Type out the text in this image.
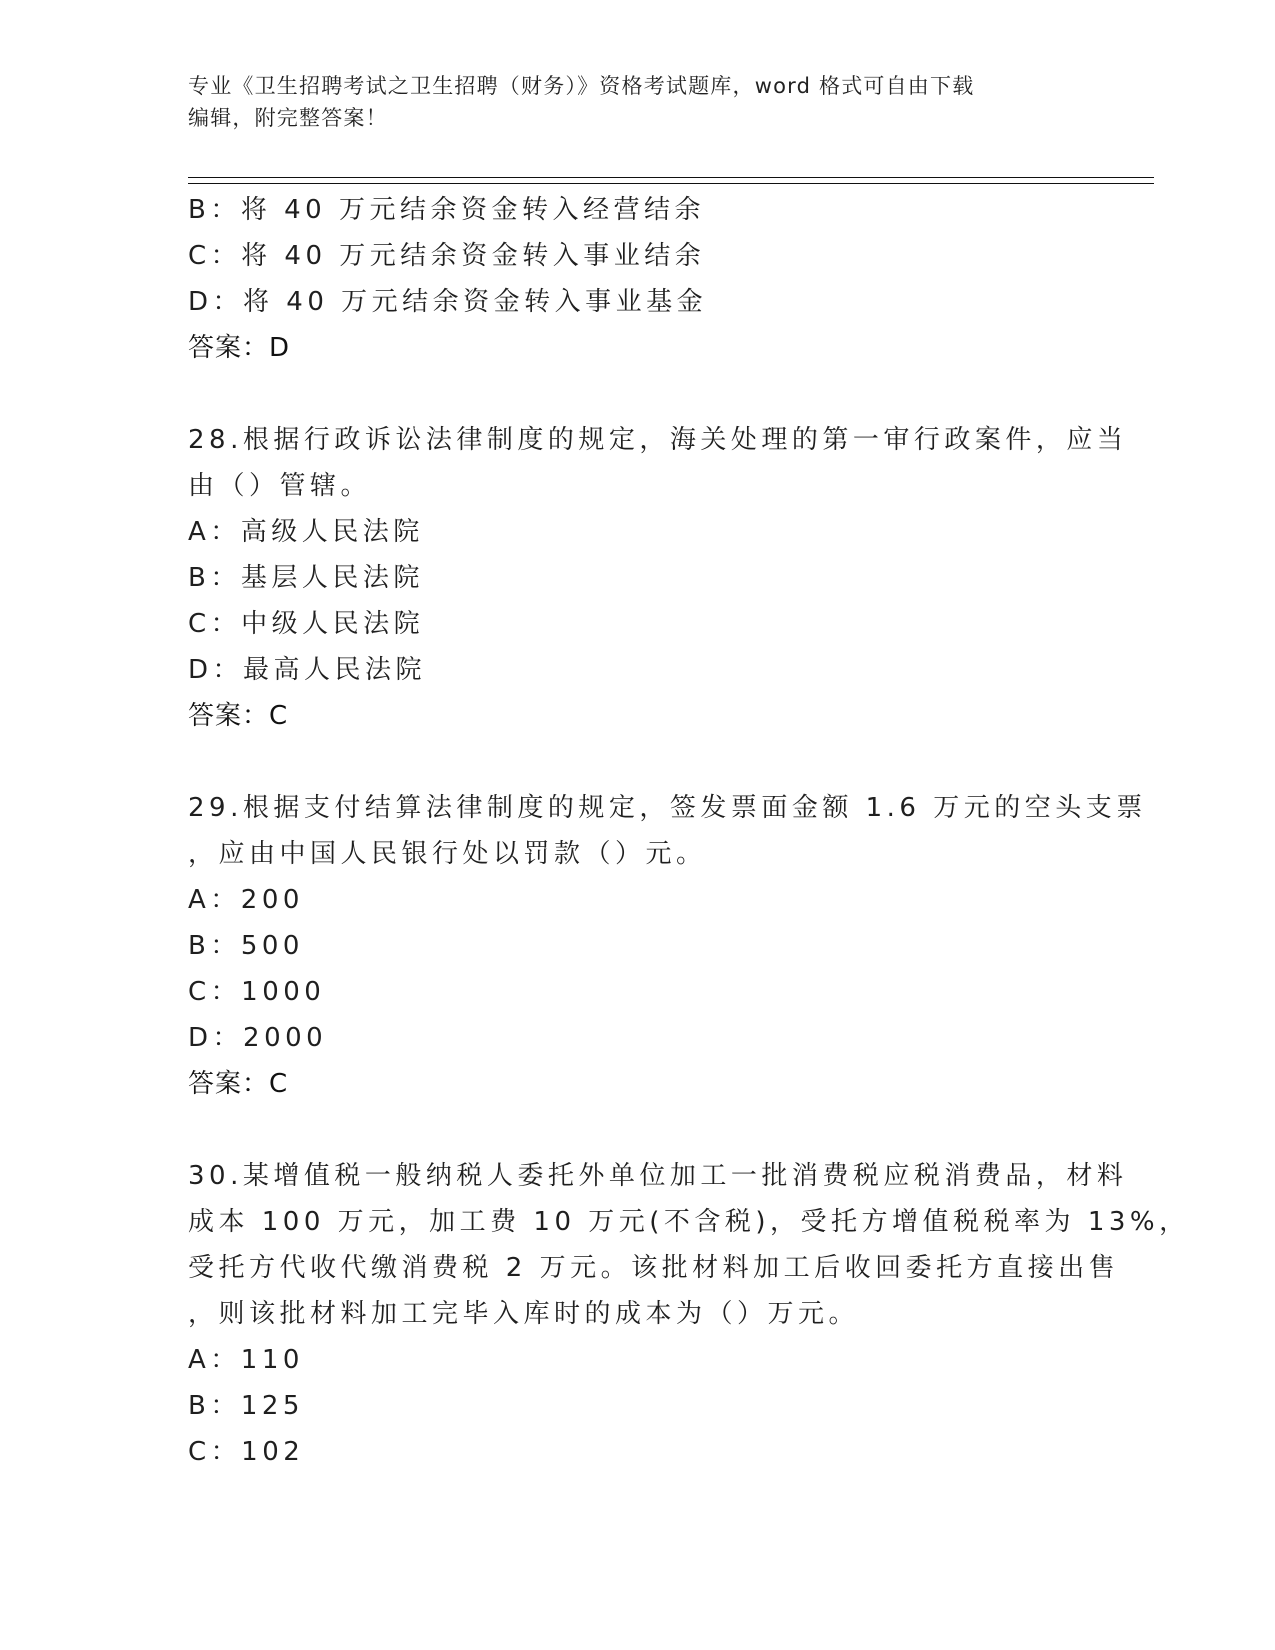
专业《卫生招聘考试之卫生招聘（财务）》资格考试题库，word 格式可自由下载
编辑，附完整答案！
B：将 40 万元结余资金转入经营结余
C：将 40 万元结余资金转入事业结余
D：将 40 万元结余资金转入事业基金
答案：D
28.根据行政诉讼法律制度的规定，海关处理的第一审行政案件，应当
由（）管辖。
A：高级人民法院
B：基层人民法院
C：中级人民法院
D：最高人民法院
答案：C
29.根据支付结算法律制度的规定，签发票面金额 1.6 万元的空头支票
，应由中国人民银行处以罚款（）元。
A：200
B：500
C：1000
D：2000
答案：C
30.某增值税一般纳税人委托外单位加工一批消费税应税消费品，材料
成本 100 万元，加工费 10 万元(不含税)，受托方增值税税率为 13%，
受托方代收代缴消费税 2 万元。该批材料加工后收回委托方直接出售
，则该批材料加工完毕入库时的成本为（）万元。
A：110
B：125
C：102
